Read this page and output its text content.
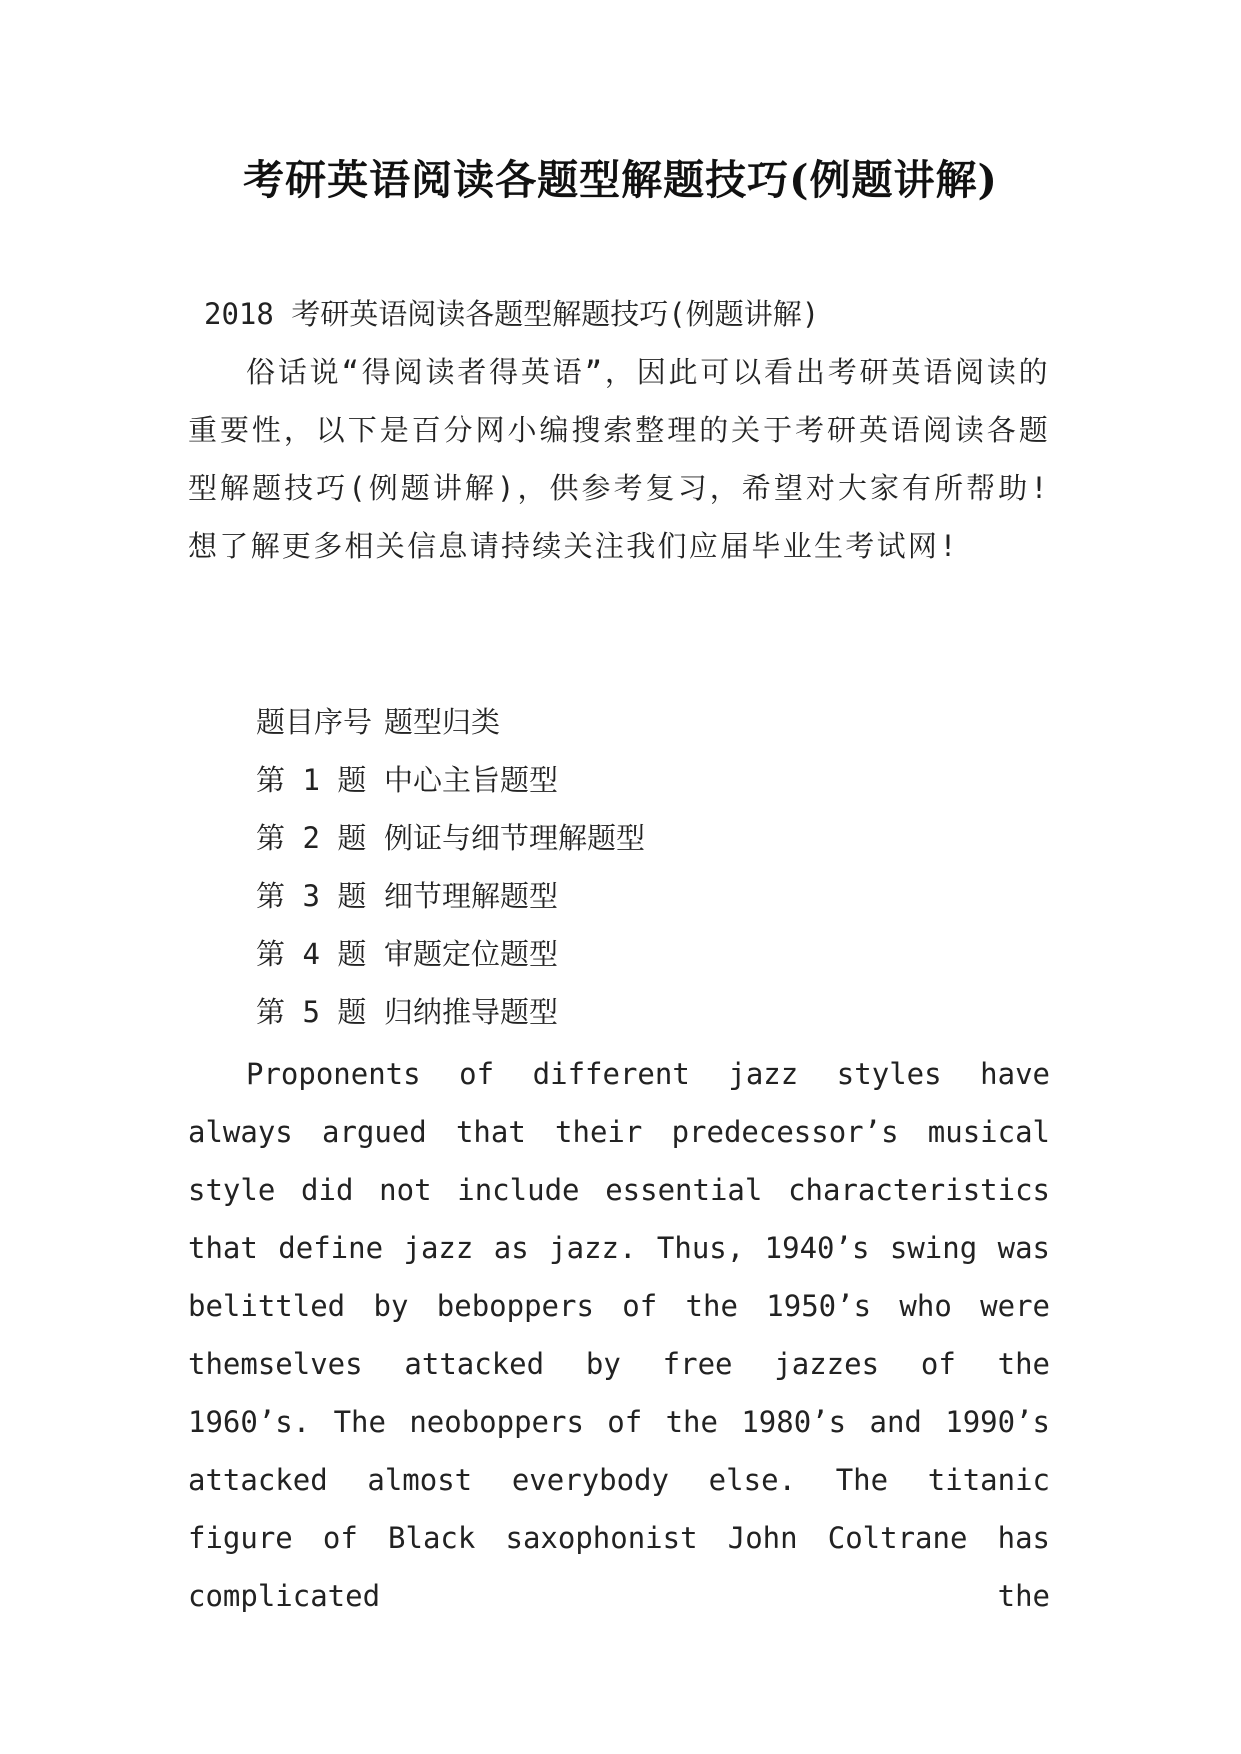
考研英语阅读各题型解题技巧(例题讲解)
2018 考研英语阅读各题型解题技巧(例题讲解)
俗话说“得阅读者得英语”，因此可以看出考研英语阅读的重要性，以下是百分网小编搜索整理的关于考研英语阅读各题型解题技巧(例题讲解)，供参考复习，希望对大家有所帮助!想了解更多相关信息请持续关注我们应届毕业生考试网!
题目序号 题型归类
第 1 题 中心主旨题型
第 2 题 例证与细节理解题型
第 3 题 细节理解题型
第 4 题 审题定位题型
第 5 题 归纳推导题型
Proponents of different jazz styles have always argued that their predecessor’s musical style did not include essential characteristics that define jazz as jazz. Thus, 1940’s swing was belittled by beboppers of the 1950’s who were themselves attacked by free jazzes of the 1960’s. The neoboppers of the 1980’s and 1990’s attacked almost everybody else. The titanic figure of Black saxophonist John Coltrane has complicated the
